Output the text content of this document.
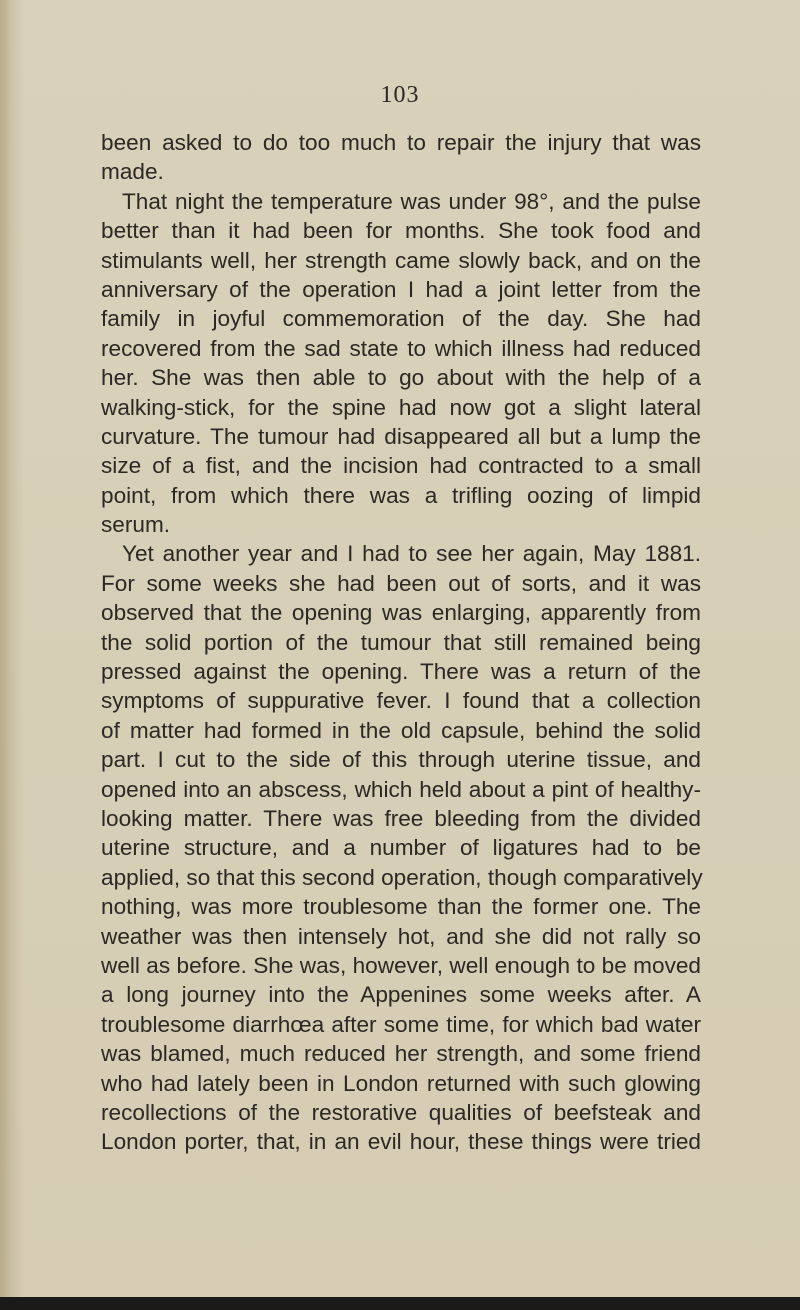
103
been asked to do too much to repair the injury that was
made.
That night the temperature was under 98°, and the pulse
better than it had been for months. She took food and
stimulants well, her strength came slowly back, and on the
anniversary of the operation I had a joint letter from the
family in joyful commemoration of the day. She had
recovered from the sad state to which illness had reduced
her. She was then able to go about with the help of a
walking-stick, for the spine had now got a slight lateral
curvature. The tumour had disappeared all but a lump the
size of a fist, and the incision had contracted to a small
point, from which there was a trifling oozing of limpid
serum.
Yet another year and I had to see her again, May 1881.
For some weeks she had been out of sorts, and it was
observed that the opening was enlarging, apparently from
the solid portion of the tumour that still remained being
pressed against the opening. There was a return of the
symptoms of suppurative fever. I found that a collection
of matter had formed in the old capsule, behind the solid
part. I cut to the side of this through uterine tissue, and
opened into an abscess, which held about a pint of healthy-
looking matter. There was free bleeding from the divided
uterine structure, and a number of ligatures had to be
applied, so that this second operation, though comparatively
nothing, was more troublesome than the former one. The
weather was then intensely hot, and she did not rally so
well as before. She was, however, well enough to be moved
a long journey into the Appenines some weeks after. A
troublesome diarrhœa after some time, for which bad water
was blamed, much reduced her strength, and some friend
who had lately been in London returned with such glowing
recollections of the restorative qualities of beefsteak and
London porter, that, in an evil hour, these things were tried
